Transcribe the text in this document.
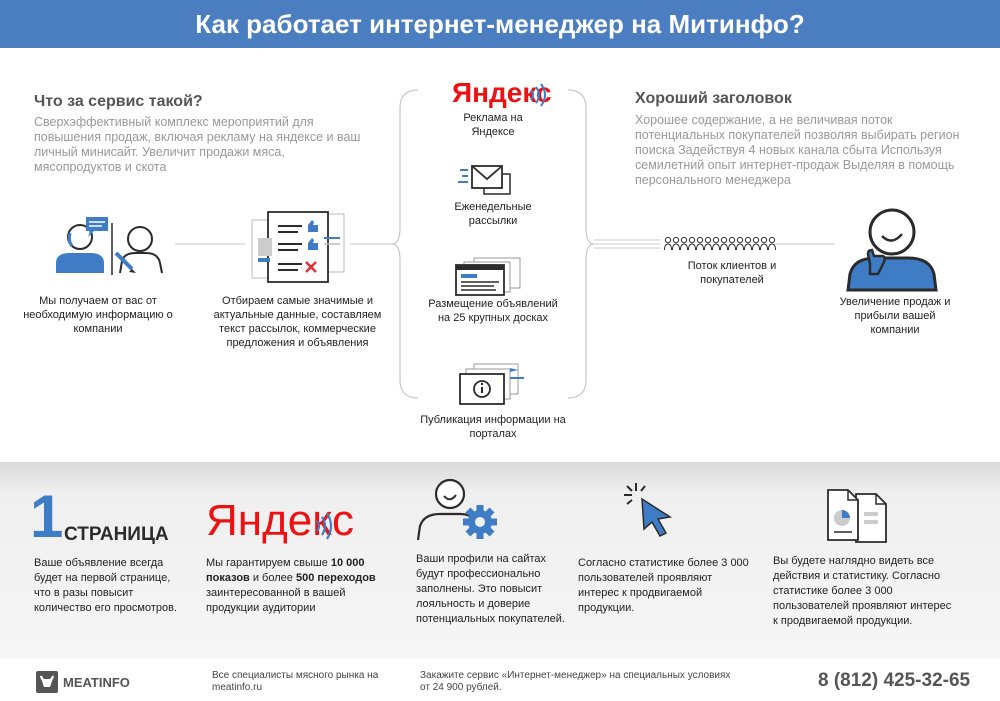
Как работает интернет-менеджер на Митинфо?
Что за сервис такой?
Сверхэффективный комплекс мероприятий для повышения продаж, включая рекламу на яндексе и ваш личный минисайт. Увеличит продажи мяса, мясопродуктов и скота
Хороший заголовок
Хорошее содержание, а не величивая поток потенциальных покупателей позволяя выбирать регион поиска Задействуя 4 новых канала сбыта Используя семилетний опыт интернет-продаж Выделяя в помощь персонального менеджера
Мы получаем от вас от необходимую информацию о компании
Отбираем самые значимые и актуальные данные, составляем текст рассылок, коммерческие предложения и объявления
Яндекс
Реклама на Яндексе
Еженедельные рассылки
Размещение объявлений на 25 крупных досках
Публикация информации на порталах
Поток клиентов и покупателей
Увеличение продаж и прибыли вашей компании
1 СТРАНИЦА
Ваше объявление всегда будет на первой странице, что в разы повысит количество его просмотров.
Яндекс
Мы гарантируем свыше 10 000 показов и более 500 переходов заинтересованной в вашей продукции аудитории
Ваши профили на сайтах будут профессионально заполнены. Это повысит лояльность и доверие потенциальных покупателей.
Согласно статистике более 3 000 пользователей проявляют интерес к продвигаемой продукции.
Вы будете наглядно видеть все действия и статистику. Согласно статистике более 3 000 пользователей проявляют интерес к продвигаемой продукции.
MEATINFO	Все специалисты мясного рынка на meatinfo.ru
Закажите сервис «Интернет-менеджер» на специальных условиях от 24 900 рублей.	8 (812) 425-32-65
